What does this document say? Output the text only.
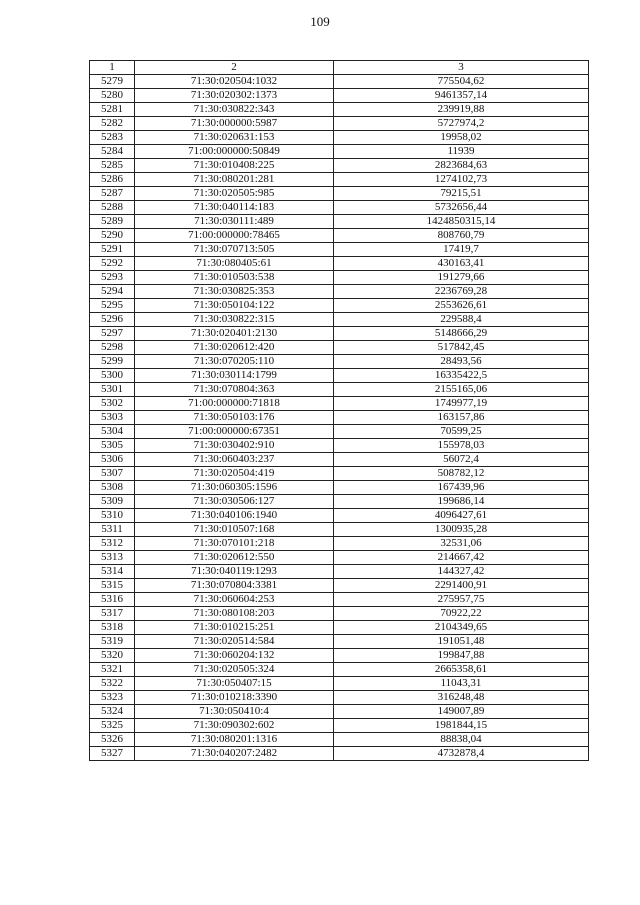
109
1	2	3
5279	71:30:020504:1032	775504,62
5280	71:30:020302:1373	9461357,14
5281	71:30:030822:343	239919,88
5282	71:30:000000:5987	5727974,2
5283	71:30:020631:153	19958,02
5284	71:00:000000:50849	11939
5285	71:30:010408:225	2823684,63
5286	71:30:080201:281	1274102,73
5287	71:30:020505:985	79215,51
5288	71:30:040114:183	5732656,44
5289	71:30:030111:489	1424850315,14
5290	71:00:000000:78465	808760,79
5291	71:30:070713:505	17419,7
5292	71:30:080405:61	430163,41
5293	71:30:010503:538	191279,66
5294	71:30:030825:353	2236769,28
5295	71:30:050104:122	2553626,61
5296	71:30:030822:315	229588,4
5297	71:30:020401:2130	5148666,29
5298	71:30:020612:420	517842,45
5299	71:30:070205:110	28493,56
5300	71:30:030114:1799	16335422,5
5301	71:30:070804:363	2155165,06
5302	71:00:000000:71818	1749977,19
5303	71:30:050103:176	163157,86
5304	71:00:000000:67351	70599,25
5305	71:30:030402:910	155978,03
5306	71:30:060403:237	56072,4
5307	71:30:020504:419	508782,12
5308	71:30:060305:1596	167439,96
5309	71:30:030506:127	199686,14
5310	71:30:040106:1940	4096427,61
5311	71:30:010507:168	1300935,28
5312	71:30:070101:218	32531,06
5313	71:30:020612:550	214667,42
5314	71:30:040119:1293	144327,42
5315	71:30:070804:3381	2291400,91
5316	71:30:060604:253	275957,75
5317	71:30:080108:203	70922,22
5318	71:30:010215:251	2104349,65
5319	71:30:020514:584	191051,48
5320	71:30:060204:132	199847,88
5321	71:30:020505:324	2665358,61
5322	71:30:050407:15	11043,31
5323	71:30:010218:3390	316248,48
5324	71:30:050410:4	149007,89
5325	71:30:090302:602	1981844,15
5326	71:30:080201:1316	88838,04
5327	71:30:040207:2482	4732878,4
